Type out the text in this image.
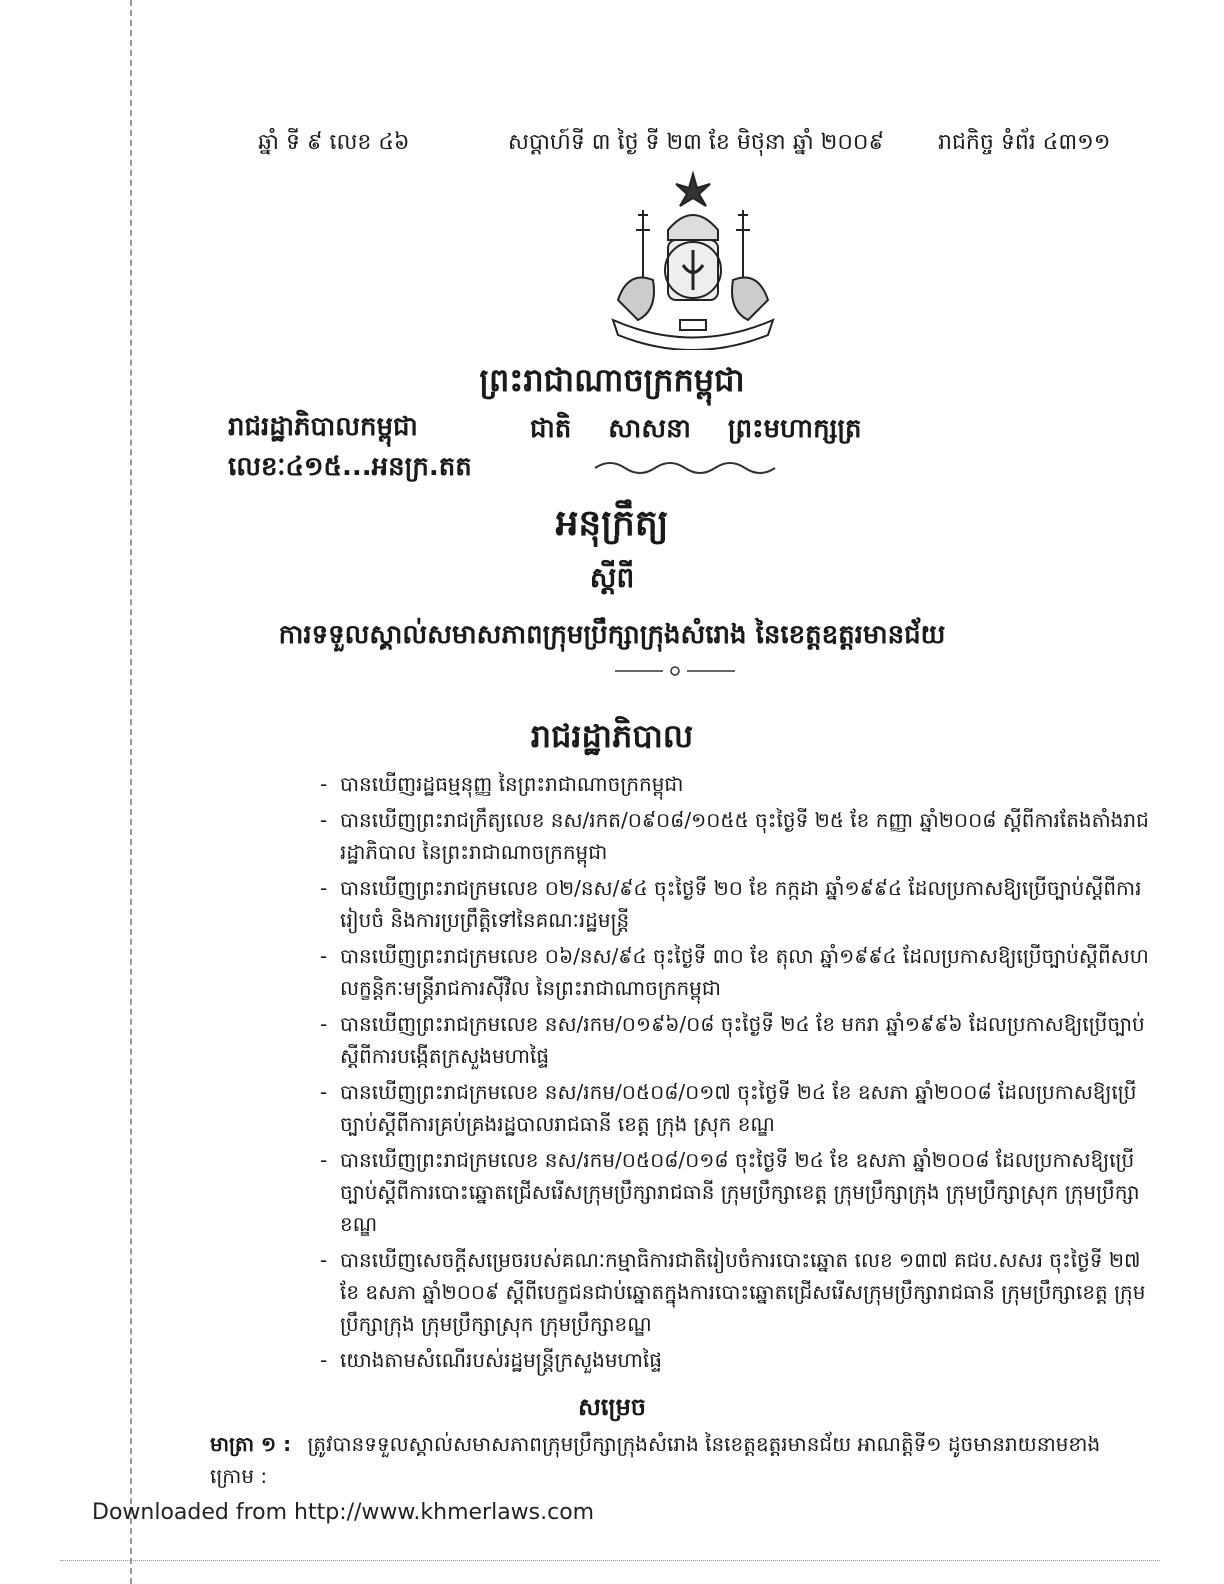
ឆ្នាំ ទី ៩ លេខ ៤៦	សប្តាហ៍ទី ៣ ថ្ងៃ ទី ២៣ ខែ មិថុនា ឆ្នាំ ២០០៩ រាជកិច្ច ទំព័រ ៤៣១១
ព្រះរាជាណាចក្រកម្ពុជា
រាជរដ្ឋាភិបាលកម្ពុជា	ជាតិ សាសនា ព្រះមហាក្សត្រ
លេខៈ៤១៥...អនក្រ.តត
អនុក្រឹត្យ
ស្តីពី
ការទទួលស្គាល់សមាសភាពក្រុមប្រឹក្សាក្រុងសំរោង នៃខេត្តឧត្តរមានជ័យ
រាជរដ្ឋាភិបាល
- បានឃើញរដ្ឋធម្មនុញ្ញ នៃព្រះរាជាណាចក្រកម្ពុជា
- បានឃើញព្រះរាជក្រឹត្យលេខ នស/រកត/០៩០៨/១០៥៥ ចុះថ្ងៃទី ២៥ ខែ កញ្ញា ឆ្នាំ២០០៨ ស្តីពីការតែងតាំងរាជរដ្ឋាភិបាល នៃព្រះរាជាណាចក្រកម្ពុជា
- បានឃើញព្រះរាជក្រមលេខ ០២/នស/៩៤ ចុះថ្ងៃទី ២០ ខែ កក្កដា ឆ្នាំ១៩៩៤ ដែលប្រកាសឱ្យប្រើច្បាប់ស្តីពីការរៀបចំ និងការប្រព្រឹត្តិទៅនៃគណៈរដ្ឋមន្ត្រី
- បានឃើញព្រះរាជក្រមលេខ ០៦/នស/៩៤ ចុះថ្ងៃទី ៣០ ខែ តុលា ឆ្នាំ១៩៩៤ ដែលប្រកាសឱ្យប្រើច្បាប់ស្តីពីសហលក្ខន្តិកៈមន្ត្រីរាជការស៊ីវិល នៃព្រះរាជាណាចក្រកម្ពុជា
- បានឃើញព្រះរាជក្រមលេខ នស/រកម/០១៩៦/០៨ ចុះថ្ងៃទី ២៤ ខែ មករា ឆ្នាំ១៩៩៦ ដែលប្រកាសឱ្យប្រើច្បាប់ស្តីពីការបង្កើតក្រសួងមហាផ្ទៃ
- បានឃើញព្រះរាជក្រមលេខ នស/រកម/០៥០៨/០១៧ ចុះថ្ងៃទី ២៤ ខែ ឧសភា ឆ្នាំ២០០៨ ដែលប្រកាសឱ្យប្រើច្បាប់ស្តីពីការគ្រប់គ្រងរដ្ឋបាលរាជធានី ខេត្ត ក្រុង ស្រុក ខណ្ឌ
- បានឃើញព្រះរាជក្រមលេខ នស/រកម/០៥០៨/០១៨ ចុះថ្ងៃទី ២៤ ខែ ឧសភា ឆ្នាំ២០០៨ ដែលប្រកាសឱ្យប្រើច្បាប់ស្តីពីការបោះឆ្នោតជ្រើសរើសក្រុមប្រឹក្សារាជធានី ក្រុមប្រឹក្សាខេត្ត ក្រុមប្រឹក្សាក្រុង ក្រុមប្រឹក្សាស្រុក ក្រុមប្រឹក្សាខណ្ឌ
- បានឃើញសេចក្តីសម្រេចរបស់គណៈកម្មាធិការជាតិរៀបចំការបោះឆ្នោត លេខ ១៣៧ គជប.សសរ ចុះថ្ងៃទី ២៧ ខែ ឧសភា ឆ្នាំ២០០៩ ស្តីពីបេក្ខជនជាប់ឆ្នោតក្នុងការបោះឆ្នោតជ្រើសរើសក្រុមប្រឹក្សារាជធានី ក្រុមប្រឹក្សាខេត្ត ក្រុមប្រឹក្សាក្រុង ក្រុមប្រឹក្សាស្រុក ក្រុមប្រឹក្សាខណ្ឌ
- យោងតាមសំណើរបស់រដ្ឋមន្ត្រីក្រសួងមហាផ្ទៃ
សម្រេច
មាត្រា ១ : ត្រូវបានទទួលស្គាល់សមាសភាពក្រុមប្រឹក្សាក្រុងសំរោង នៃខេត្តឧត្តរមានជ័យ អាណត្តិទី១ ដូចមានរាយនាមខាងក្រោម :
Downloaded from http://www.khmerlaws.com
